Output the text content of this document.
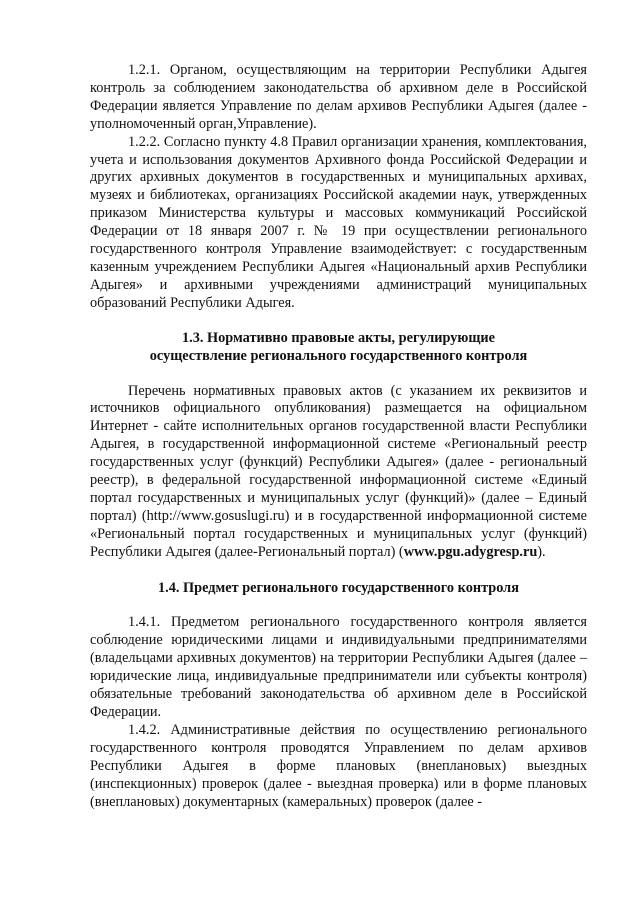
1.2.1. Органом, осуществляющим на территории Республики Адыгея контроль за соблюдением законодательства об архивном деле в Российской Федерации является Управление по делам архивов Республики Адыгея (далее - уполномоченный орган,Управление).

1.2.2. Согласно пункту 4.8 Правил организации хранения, комплектования, учета и использования документов Архивного фонда Российской Федерации и других архивных документов в государственных и муниципальных архивах, музеях и библиотеках, организациях Российской академии наук, утвержденных приказом Министерства культуры и массовых коммуникаций Российской Федерации от 18 января 2007 г. № 19 при осуществлении регионального государственного контроля Управление взаимодействует: с государственным казенным учреждением Республики Адыгея «Национальный архив Республики Адыгея» и архивными учреждениями администраций муниципальных образований Республики Адыгея.

1.3. Нормативно правовые акты, регулирующие

осуществление регионального государственного контроля

Перечень нормативных правовых актов (с указанием их реквизитов и источников официального опубликования) размещается на официальном Интернет - сайте исполнительных органов государственной власти Республики Адыгея, в государственной информационной системе «Региональный реестр государственных услуг (функций) Республики Адыгея» (далее - региональный реестр), в федеральной государственной информационной системе «Единый портал государственных и муниципальных услуг (функций)» (далее – Единый портал) (http://www.gosuslugi.ru) и в государственной информационной системе «Региональный портал государственных и муниципальных услуг (функций) Республики Адыгея (далее-Региональный портал) (www.pgu.adygresp.ru).

1.4. Предмет регионального государственного контроля

1.4.1. Предметом регионального государственного контроля является соблюдение юридическими лицами и индивидуальными предпринимателями (владельцами архивных документов) на территории Республики Адыгея (далее – юридические лица, индивидуальные предприниматели или субъекты контроля) обязательные требований законодательства об архивном деле в Российской Федерации.

1.4.2. Административные действия по осуществлению регионального государственного контроля проводятся Управлением по делам архивов Республики Адыгея в форме плановых (внеплановых) выездных (инспекционных) проверок (далее - выездная проверка) или в форме плановых (внеплановых) документарных (камеральных) проверок (далее -
